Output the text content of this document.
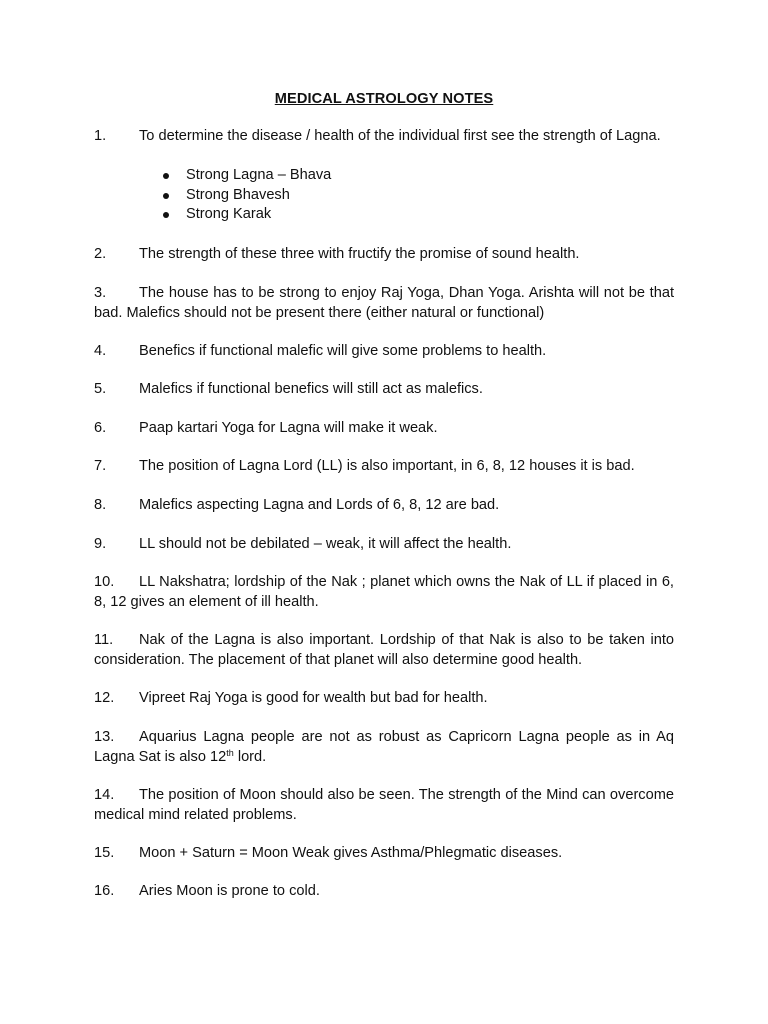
MEDICAL ASTROLOGY NOTES
1. To determine the disease / health of the individual first see the strength of Lagna.
Strong Lagna – Bhava
Strong Bhavesh
Strong Karak
2. The strength of these three with fructify the promise of sound health.
3. The house has to be strong to enjoy Raj Yoga, Dhan Yoga. Arishta will not be that bad. Malefics should not be present there (either natural or functional)
4. Benefics if functional malefic will give some problems to health.
5. Malefics if functional benefics will still act as malefics.
6. Paap kartari Yoga for Lagna will make it weak.
7. The position of Lagna Lord (LL) is also important, in 6, 8, 12 houses it is bad.
8. Malefics aspecting Lagna and Lords of 6, 8, 12 are bad.
9. LL should not be debilated – weak, it will affect the health.
10. LL Nakshatra; lordship of the Nak ; planet which owns the Nak of LL if placed in 6, 8, 12 gives an element of ill health.
11. Nak of the Lagna is also important. Lordship of that Nak is also to be taken into consideration. The placement of that planet will also determine good health.
12. Vipreet Raj Yoga is good for wealth but bad for health.
13. Aquarius Lagna people are not as robust as Capricorn Lagna people as in Aq Lagna Sat is also 12th lord.
14. The position of Moon should also be seen. The strength of the Mind can overcome medical mind related problems.
15. Moon + Saturn = Moon Weak gives Asthma/Phlegmatic diseases.
16. Aries Moon is prone to cold.
